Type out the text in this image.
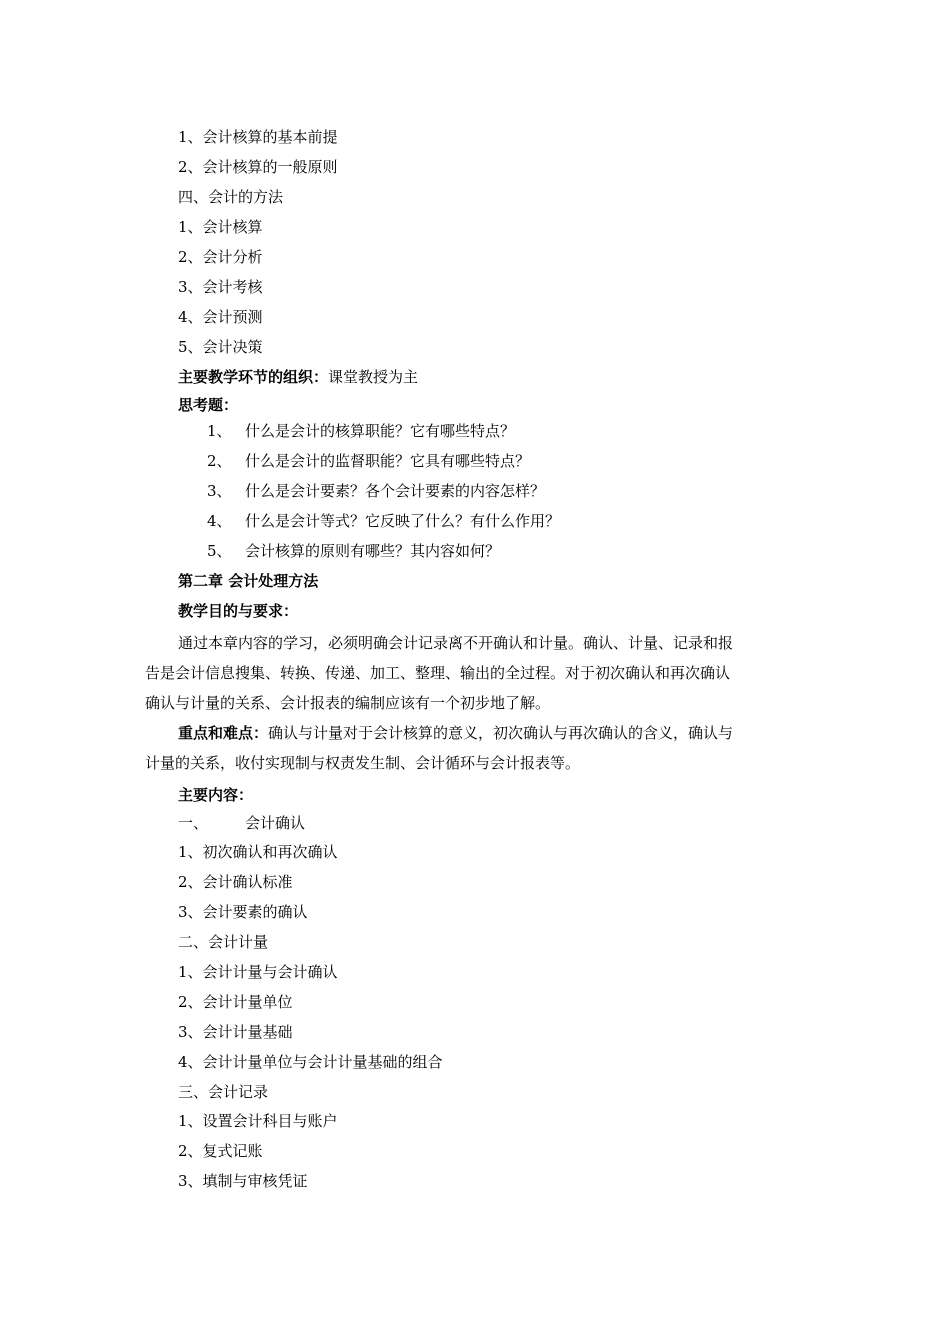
1、会计核算的基本前提
2、会计核算的一般原则
四、会计的方法
1、会计核算
2、会计分析
3、会计考核
4、会计预测
5、会计决策
主要教学环节的组织：课堂教授为主
思考题：
1、 什么是会计的核算职能？它有哪些特点？
2、 什么是会计的监督职能？它具有哪些特点？
3、 什么是会计要素？各个会计要素的内容怎样？
4、 什么是会计等式？它反映了什么？有什么作用？
5、 会计核算的原则有哪些？其内容如何？
第二章 会计处理方法
教学目的与要求：
通过本章内容的学习，必须明确会计记录离不开确认和计量。确认、计量、记录和报
告是会计信息搜集、转换、传递、加工、整理、输出的全过程。对于初次确认和再次确认
确认与计量的关系、会计报表的编制应该有一个初步地了解。
重点和难点：确认与计量对于会计核算的意义，初次确认与再次确认的含义，确认与
计量的关系，收付实现制与权责发生制、会计循环与会计报表等。
主要内容：
一、 会计确认
1、初次确认和再次确认
2、会计确认标准
3、会计要素的确认
二、会计计量
1、会计计量与会计确认
2、会计计量单位
3、会计计量基础
4、会计计量单位与会计计量基础的组合
三、会计记录
1、设置会计科目与账户
2、复式记账
3、填制与审核凭证
